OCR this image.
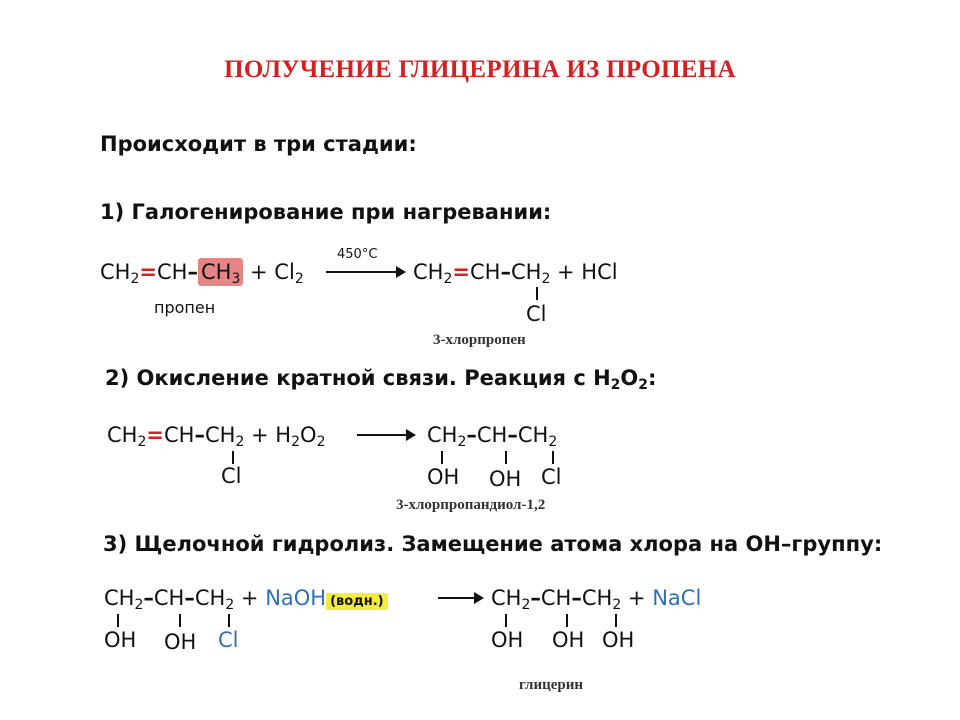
ПОЛУЧЕНИЕ ГЛИЦЕРИНА ИЗ ПРОПЕНА
Происходит в три стадии:
1) Галогенирование при нагревании:
$CH_2=CH-$ $CH_3 + Cl_2$
пропен
450°C
$CH_2=CH-CH_2$ + HCl
Cl
3-хлорпропен
2) Окисление кратной связи. Реакция с $H_2O_2$:
$CH_2=CH-CH_2 + H_2O_2$
Cl
$CH_2-CH-CH_2$
OH OH Cl
3-хлорпропандиол-1,2
3) Щелочной гидролиз. Замещение атома хлора на OH–группу:
$CH_2-CH-CH_2$ + NaOH (водн.)
OH OH Cl
$CH_2-CH-CH_2$ + NaCl
OH OH OH
глицерин
